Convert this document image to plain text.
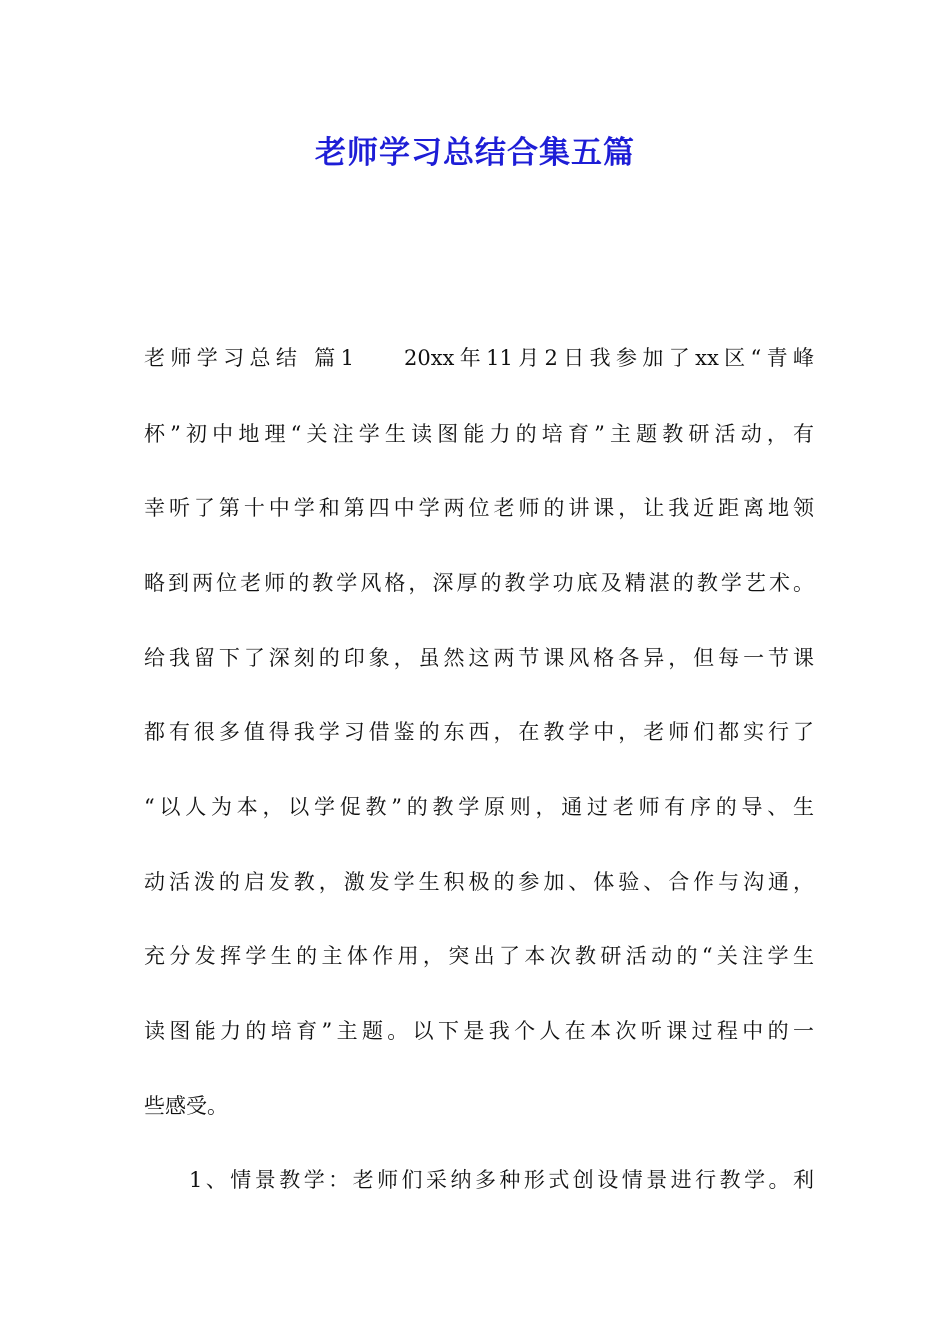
老师学习总结合集五篇
老师学习总结 篇1 20xx年11月2日我参加了xx区“青峰
杯”初中地理“关注学生读图能力的培育”主题教研活动，有
幸听了第十中学和第四中学两位老师的讲课，让我近距离地领
略到两位老师的教学风格，深厚的教学功底及精湛的教学艺术。
给我留下了深刻的印象，虽然这两节课风格各异，但每一节课
都有很多值得我学习借鉴的东西，在教学中，老师们都实行了
“以人为本，以学促教”的教学原则，通过老师有序的导、生
动活泼的启发教，激发学生积极的参加、体验、合作与沟通，
充分发挥学生的主体作用，突出了本次教研活动的“关注学生
读图能力的培育”主题。以下是我个人在本次听课过程中的一
些感受。
1、情景教学：老师们采纳多种形式创设情景进行教学。利
